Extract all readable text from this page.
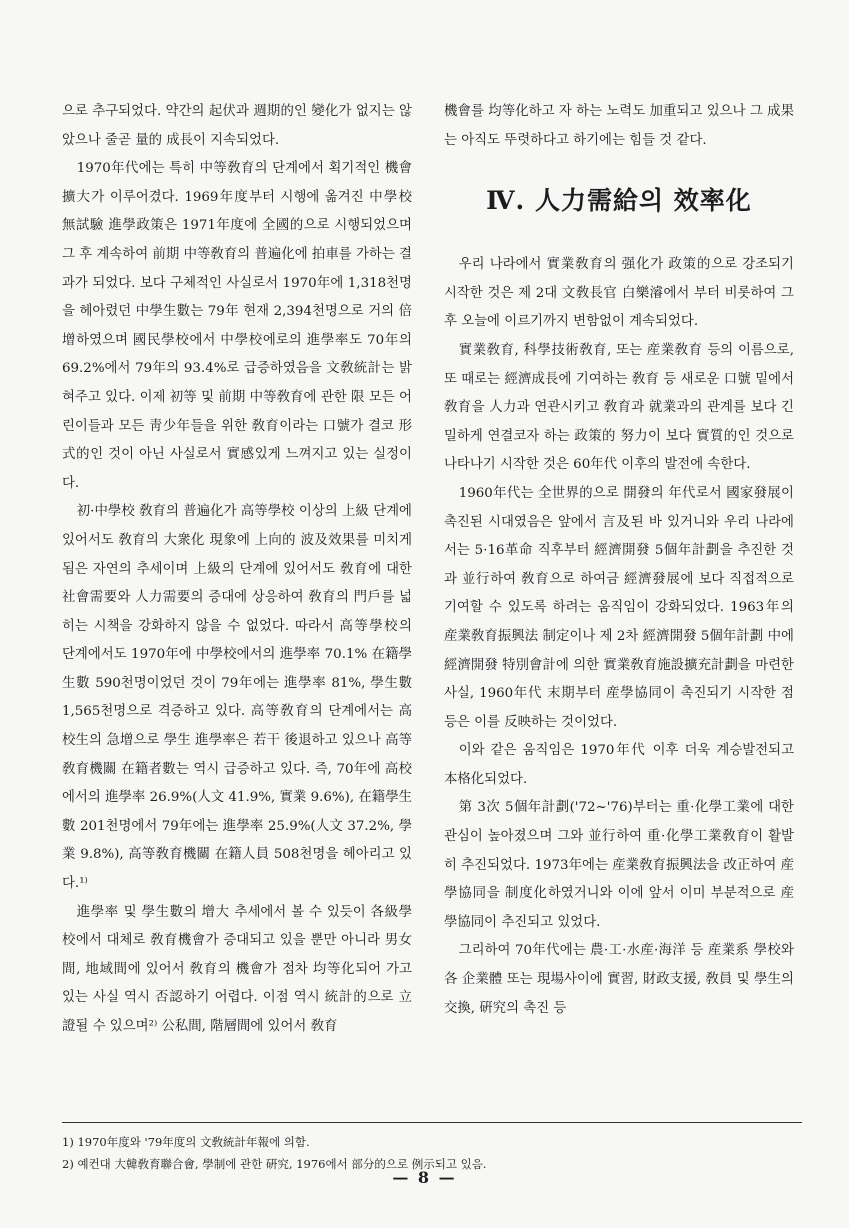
으로 추구되었다. 약간의 起伏과 週期的인 變化가 없지는 않았으나 줄곧 量的 成長이 지속되었다.

1970年代에는 특히 中等敎育의 단계에서 획기적인 機會擴大가 이루어겼다. 1969年度부터 시행에 옮겨진 中學校 無試驗 進學政策은 1971年度에 全國的으로 시행되었으며 그 후 계속하여 前期 中等敎育의 普遍化에 拍車를 가하는 결과가 되었다. 보다 구체적인 사실로서 1970年에 1,318천명을 헤아렸던 中學生數는 79年 현재 2,394천명으로 거의 倍增하였으며 國民學校에서 中學校에로의 進學率도 70年의 69.2%에서 79年의 93.4%로 급증하였음을 文敎統計는 밝혀주고 있다. 이제 初等 및 前期 中等敎育에 관한 限 모든 어린이들과 모든 靑少年들을 위한 敎育이라는 口號가 결코 形式的인 것이 아닌 사실로서 實感있게 느껴지고 있는 실정이다.

初·中學校 敎育의 普遍化가 高等學校 이상의 上級 단계에 있어서도 敎育의 大衆化 現象에 上向的 波及效果를 미치게 됨은 자연의 추세이며 上級의 단계에 있어서도 敎育에 대한 社會需要와 人力需要의 증대에 상응하여 敎育의 門戶를 넓히는 시책을 강화하지 않을 수 없었다. 따라서 高等學校의 단계에서도 1970年에 中學校에서의 進學率 70.1% 在籍學生數 590천명이었던 것이 79年에는 進學率 81%, 學生數 1,565천명으로 격증하고 있다. 高等敎育의 단계에서는 高校生의 急增으로 學生 進學率은 若干 後退하고 있으나 高等敎育機關 在籍者數는 역시 급증하고 있다. 즉, 70年에 高校에서의 進學率 26.9%(人文 41.9%, 實業 9.6%), 在籍學生數 201천명에서 79年에는 進學率 25.9%(人文 37.2%, 學業 9.8%), 高等敎育機關 在籍人員 508천명을 헤아리고 있다.¹⁾

進學率 및 學生數의 增大 추세에서 볼 수 있듯이 各級學校에서 대체로 敎育機會가 증대되고 있을 뿐만 아니라 男女間, 地域間에 있어서 敎育의 機會가 점차 均等化되어 가고 있는 사실 역시 否認하기 어렵다. 이점 역시 統計的으로 立證될 수 있으며²⁾ 公私間, 階層間에 있어서 敎育

機會를 均等化하고 자 하는 노력도 加重되고 있으나 그 成果는 아직도 뚜렷하다고 하기에는 힘들 것 같다.

Ⅳ. 人力需給의 效率化

우리 나라에서 實業敎育의 强化가 政策的으로 강조되기 시작한 것은 제 2대 文敎長官 白樂濬에서 부터 비롯하여 그후 오늘에 이르기까지 변함없이 계속되었다.

實業敎育, 科學技術敎育, 또는 産業敎育 등의 이름으로, 또 때로는 經濟成長에 기여하는 敎育 등 새로운 口號 밑에서 敎育을 人力과 연관시키고 敎育과 就業과의 관계를 보다 긴밀하게 연결코자 하는 政策的 努力이 보다 實質的인 것으로 나타나기 시작한 것은 60年代 이후의 발전에 속한다.

1960年代는 全世界的으로 開發의 年代로서 國家發展이 촉진된 시대였음은 앞에서 言及된 바 있거니와 우리 나라에서는 5·16革命 직후부터 經濟開發 5個年計劃을 추진한 것과 並行하여 敎育으로 하여금 經濟發展에 보다 직접적으로 기여할 수 있도록 하려는 움직임이 강화되었다. 1963年의 産業敎育振興法 制定이나 제 2차 經濟開發 5個年計劃 中에 經濟開發 特別會計에 의한 實業敎育施設擴充計劃을 마련한 사실, 1960年代 末期부터 産學協同이 촉진되기 시작한 점 등은 이를 反映하는 것이었다.

이와 같은 움직임은 1970年代 이후 더욱 계승발전되고 本格化되었다.

第 3次 5個年計劃('72~'76)부터는 重·化學工業에 대한 관심이 높아졌으며 그와 並行하여 重·化學工業敎育이 활발히 추진되었다. 1973年에는 産業敎育振興法을 改正하여 産學協同을 制度化하였거니와 이에 앞서 이미 부분적으로 産學協同이 추진되고 있었다.

그리하여 70年代에는 農·工·水産·海洋 등 産業系 學校와 各 企業體 또는 現場사이에 實習, 財政支援, 敎員 및 學生의 交換, 硏究의 촉진 등

1) 1970年度와 '79年度의 文敎統計年報에 의함.
2) 예컨대 大韓敎育聯合會, 學制에 관한 硏究, 1976에서 部分的으로 例示되고 있음.
— 8 —
